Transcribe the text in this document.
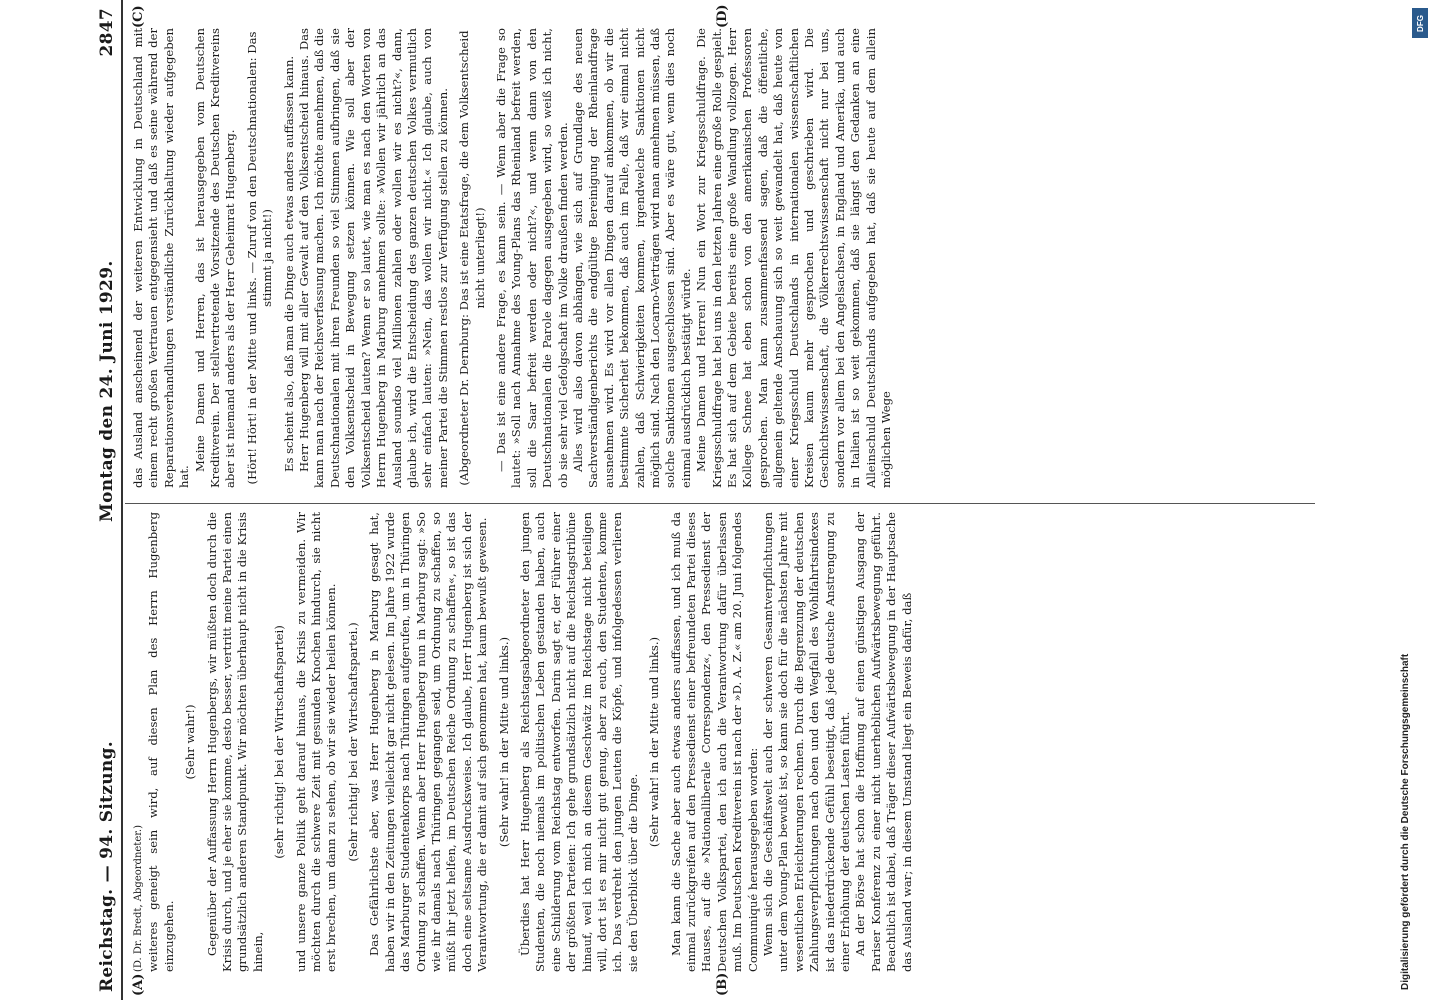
Reichstag. — 94. Sitzung.
Montag den 24. Juni 1929.
2847
(A)	(B)
(C)	(D)

(D. Dr. Bredt, Abgeordneter.) weiteres geneigt sein wird, auf diesen Plan des Herrn Hugenberg einzugehen.

(Sehr wahr!) Gegenüber der Auffassung Herrn Hugenbergs, wir müßten doch durch die Krisis durch, und je eher sie komme, desto besser, vertritt meine Partei einen grundsätzlich anderen Standpunkt. Wir möchten überhaupt nicht in die Krisis hinein,

(sehr richtig! bei der Wirtschaftspartei) und unsere ganze Politik geht darauf hinaus, die Krisis zu vermeiden. Wir möchten durch die schwere Zeit mit gesunden Knochen hindurch, sie nicht erst brechen, um dann zu sehen, ob wir sie wieder heilen können. (Sehr richtig! bei der Wirtschaftspartei.) Das Gefährlichste aber, was Herr Hugenberg in Marburg gesagt hat, haben wir in den Zeitungen vielleicht gar nicht gelesen. Im Jahre 1922 wurde das Marburger Studentenkorps nach Thüringen aufgerufen, um in Thüringen Ordnung zu schaffen. Wenn aber Herr Hugenberg nun in Marburg sagt: »So wie ihr damals nach Thüringen gegangen seid, um Ordnung zu schaffen, so müßt ihr jetzt helfen, im Deutschen Reiche Ordnung zu schaffen«, so ist das doch eine seltsame Ausdrucksweise. Ich glaube, Herr Hugenberg ist sich der Verantwortung, die er damit auf sich genommen hat, kaum bewußt gewesen. (Sehr wahr! in der Mitte und links.) Überdies hat Herr Hugenberg als Reichstagsabgeordneter den jungen Studenten, die noch niemals im politischen Leben gestanden haben, auch eine Schilderung vom Reichstag entworfen. Darin sagt er, der Führer einer der größten Parteien: Ich gehe grundsätzlich nicht auf die Reichstagstribüne hinauf, weil ich mich an diesem Geschwätz im Reichstage nicht beteiligen will, dort ist es mir nicht gut genug, aber zu euch, den Studenten, komme ich. Das verdreht den jungen Leuten die Köpfe, und infolgedessen verlieren sie den Überblick über die Dinge.

(Sehr wahr! in der Mitte und links.) Man kann die Sache aber auch etwas anders auffassen, und ich muß da einmal zurückgreifen auf den Pressedienst einer befreundeten Partei dieses Hauses, auf die »Nationalliberale Correspondenz«, den Pressedienst der Deutschen Volkspartei, den ich auch die Verantwortung dafür überlassen muß. Im Deutschen Kreditverein ist nach der »D. A. Z.« am 20. Juni folgendes Communiqué herausgegeben worden: Wenn sich die Geschäftswelt auch der schweren Gesamtverpflichtungen unter dem Young-Plan bewußt ist, so kann sie doch für die nächsten Jahre mit wesentlichen Erleichterungen rechnen. Durch die Begrenzung der deutschen Zahlungsverpflichtungen nach oben und den Wegfall des Wohlfahrtsindexes ist das niederdrückende Gefühl beseitigt, daß jede deutsche Anstrengung zu einer Erhöhung der deutschen Lasten führt. An der Börse hat schon die Hoffnung auf einen günstigen Ausgang der Pariser Konferenz zu einer nicht unerheblichen Aufwärtsbewegung geführt. Beachtlich ist dabei, daß Träger dieser Aufwärtsbewegung in der Hauptsache das Ausland war; in diesem Umstand liegt ein Beweis dafür, daß

das Ausland anscheinend der weiteren Entwicklung in Deutschland mit einem recht großen Vertrauen entgegensieht und daß es seine während der Reparationsverhandlungen verständliche Zurückhaltung wieder aufgegeben hat.

Meine Damen und Herren, das ist herausgegeben vom Deutschen Kreditverein. Der stellvertretende Vorsitzende des Deutschen Kreditvereins aber ist niemand anders als der Herr Geheimrat Hugenberg. (Hört! Hört! in der Mitte und links. — Zuruf von den Deutschnationalen: Das stimmt ja nicht!) Es scheint also, daß man die Dinge auch etwas anders auffassen kann. Herr Hugenberg will mit aller Gewalt auf den Volksentscheid hinaus. Das kann man nach der Reichsverfassung machen. Ich möchte annehmen, daß die Deutschnationalen mit ihren Freunden so viel Stimmen aufbringen, daß sie den Volksentscheid in Bewegung setzen können. Wie soll aber der Volksentscheid lauten? Wenn er so lautet, wie man es nach den Worten von Herrn Hugenberg in Marburg annehmen sollte: »Wollen wir jährlich an das Ausland soundso viel Millionen zahlen oder wollen wir es nicht?«, dann, glaube ich, wird die Entscheidung des ganzen deutschen Volkes vermutlich sehr einfach lauten: »Nein, das wollen wir nicht.« Ich glaube, auch von meiner Partei die Stimmen restlos zur Verfügung stellen zu können. (Abgeordneter Dr. Dernburg: Das ist eine Etatsfrage, die dem Volksentscheid nicht unterliegt!) — Das ist eine andere Frage, es kann sein. — Wenn aber die Frage so lautet: »Soll nach Annahme des Young-Plans das Rheinland befreit werden, soll die Saar befreit werden oder nicht?«, und wenn dann von den Deutschnationalen die Parole dagegen ausgegeben wird, so weiß ich nicht, ob sie sehr viel Gefolgschaft im Volke draußen finden werden. Alles wird also davon abhängen, wie sich auf Grundlage des neuen Sachverständigenberichts die endgültige Bereinigung der Rheinlandfrage ausnehmen wird. Es wird vor allen Dingen darauf ankommen, ob wir die bestimmte Sicherheit bekommen, daß auch im Falle, daß wir einmal nicht zahlen, daß Schwierigkeiten kommen, irgendwelche Sanktionen nicht möglich sind. Nach den Locarno-Verträgen wird man annehmen müssen, daß solche Sanktionen ausgeschlossen sind. Aber es wäre gut, wenn dies noch einmal ausdrücklich bestätigt würde. Meine Damen und Herren! Nun ein Wort zur Kriegsschuldfrage. Die Kriegsschuldfrage hat bei uns in den letzten Jahren eine große Rolle gespielt. Es hat sich auf dem Gebiete bereits eine große Wandlung vollzogen. Herr Kollege Schnee hat eben schon von den amerikanischen Professoren gesprochen. Man kann zusammenfassend sagen, daß die öffentliche, allgemein geltende Anschauung sich so weit gewandelt hat, daß heute von einer Kriegsschuld Deutschlands in internationalen wissenschaftlichen Kreisen kaum mehr gesprochen und geschrieben wird. Die Geschichtswissenschaft, die Völkerrechtswissenschaft nicht nur bei uns, sondern vor allem bei den Angelsachsen, in England und Amerika, und auch in Italien ist so weit gekommen, daß sie längst den Gedanken an eine Alleinschuld Deutschlands aufgegeben hat, daß sie heute auf dem allein möglichen Wege

Digitalisierung gefördert durch die Deutsche Forschungsgemeinschaft
DFG
